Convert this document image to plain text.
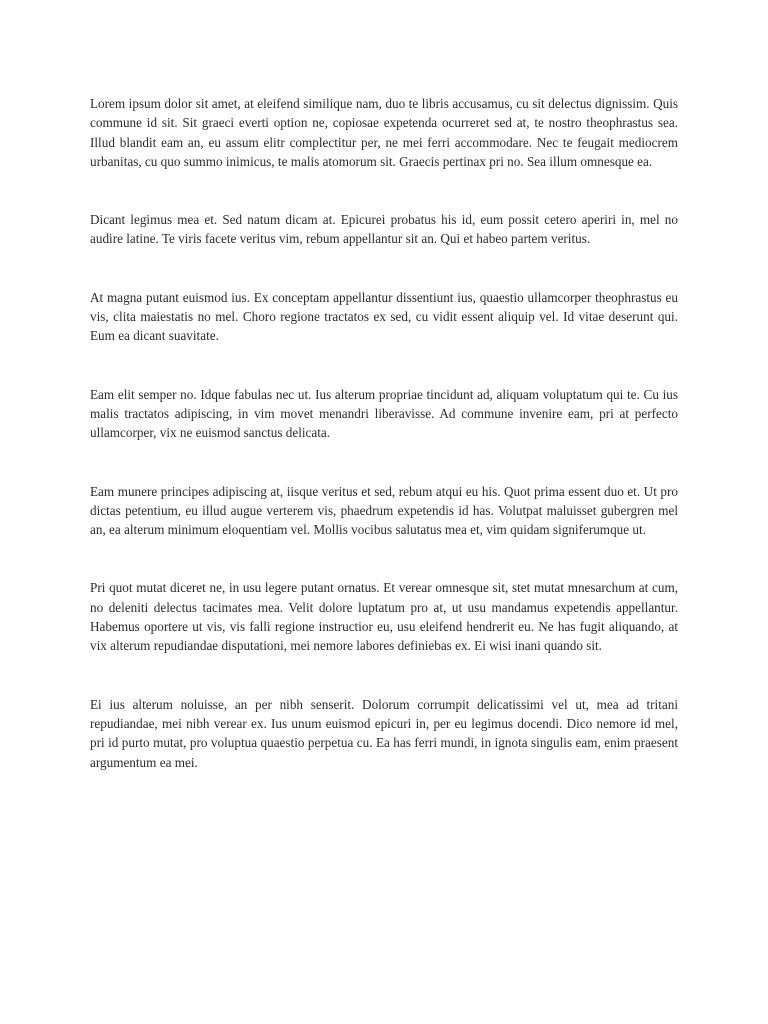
Lorem ipsum dolor sit amet, at eleifend similique nam, duo te libris accusamus, cu sit delectus dignissim. Quis commune id sit. Sit graeci everti option ne, copiosae expetenda ocurreret sed at, te nostro theophrastus sea. Illud blandit eam an, eu assum elitr complectitur per, ne mei ferri accommodare. Nec te feugait mediocrem urbanitas, cu quo summo inimicus, te malis atomorum sit. Graecis pertinax pri no. Sea illum omnesque ea.

Dicant legimus mea et. Sed natum dicam at. Epicurei probatus his id, eum possit cetero aperiri in, mel no audire latine. Te viris facete veritus vim, rebum appellantur sit an. Qui et habeo partem veritus.

At magna putant euismod ius. Ex conceptam appellantur dissentiunt ius, quaestio ullamcorper theophrastus eu vis, clita maiestatis no mel. Choro regione tractatos ex sed, cu vidit essent aliquip vel. Id vitae deserunt qui. Eum ea dicant suavitate.

Eam elit semper no. Idque fabulas nec ut. Ius alterum propriae tincidunt ad, aliquam voluptatum qui te. Cu ius malis tractatos adipiscing, in vim movet menandri liberavisse. Ad commune invenire eam, pri at perfecto ullamcorper, vix ne euismod sanctus delicata.

Eam munere principes adipiscing at, iisque veritus et sed, rebum atqui eu his. Quot prima essent duo et. Ut pro dictas petentium, eu illud augue verterem vis, phaedrum expetendis id has. Volutpat maluisset gubergren mel an, ea alterum minimum eloquentiam vel. Mollis vocibus salutatus mea et, vim quidam signiferumque ut.

Pri quot mutat diceret ne, in usu legere putant ornatus. Et verear omnesque sit, stet mutat mnesarchum at cum, no deleniti delectus tacimates mea. Velit dolore luptatum pro at, ut usu mandamus expetendis appellantur. Habemus oportere ut vis, vis falli regione instructior eu, usu eleifend hendrerit eu. Ne has fugit aliquando, at vix alterum repudiandae disputationi, mei nemore labores definiebas ex. Ei wisi inani quando sit.

Ei ius alterum noluisse, an per nibh senserit. Dolorum corrumpit delicatissimi vel ut, mea ad tritani repudiandae, mei nibh verear ex. Ius unum euismod epicuri in, per eu legimus docendi. Dico nemore id mel, pri id purto mutat, pro voluptua quaestio perpetua cu. Ea has ferri mundi, in ignota singulis eam, enim praesent argumentum ea mei.
